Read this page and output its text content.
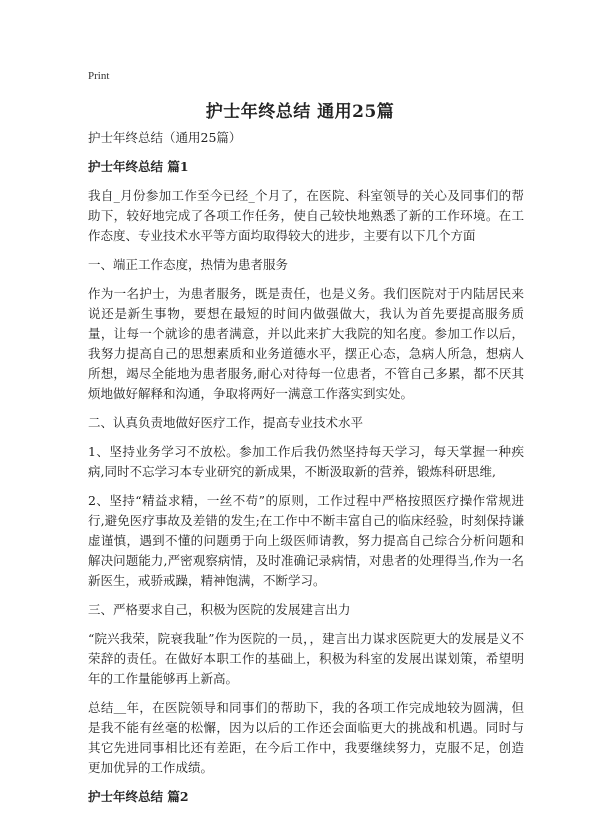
Print
护士年终总结 通用25篇

护士年终总结（通用25篇）

护士年终总结 篇1

我自_月份参加工作至今已经_个月了，在医院、科室领导的关心及同事们的帮助下，较好地完成了各项工作任务，使自己较快地熟悉了新的工作环境。在工作态度、专业技术水平等方面均取得较大的进步，主要有以下几个方面

一、端正工作态度，热情为患者服务

作为一名护士，为患者服务，既是责任，也是义务。我们医院对于内陆居民来说还是新生事物，要想在最短的时间内做强做大，我认为首先要提高服务质量，让每一个就诊的患者满意，并以此来扩大我院的知名度。参加工作以后，我努力提高自己的思想素质和业务道德水平，摆正心态，急病人所急，想病人所想，竭尽全能地为患者服务,耐心对待每一位患者，不管自己多累，都不厌其烦地做好解释和沟通，争取将两好一满意工作落实到实处。

二、认真负责地做好医疗工作，提高专业技术水平

1、坚持业务学习不放松。参加工作后我仍然坚持每天学习，每天掌握一种疾病,同时不忘学习本专业研究的新成果，不断汲取新的营养，锻炼科研思维,

2、坚持“精益求精，一丝不苟”的原则，工作过程中严格按照医疗操作常规进行,避免医疗事故及差错的发生;在工作中不断丰富自己的临床经验，时刻保持谦虚谨慎，遇到不懂的问题勇于向上级医师请教，努力提高自己综合分析问题和解决问题能力,严密观察病情，及时准确记录病情，对患者的处理得当,作为一名新医生，戒骄戒躁，精神饱满，不断学习。

三、严格要求自己，积极为医院的发展建言出力

“院兴我荣，院衰我耻”作为医院的一员，，建言出力谋求医院更大的发展是义不荣辞的责任。在做好本职工作的基础上，积极为科室的发展出谋划策，希望明年的工作量能够再上新高。

总结＿年，在医院领导和同事们的帮助下，我的各项工作完成地较为圆满，但是我不能有丝毫的松懈，因为以后的工作还会面临更大的挑战和机遇。同时与其它先进同事相比还有差距，在今后工作中，我要继续努力，克服不足，创造更加优异的工作成绩。

护士年终总结 篇2
